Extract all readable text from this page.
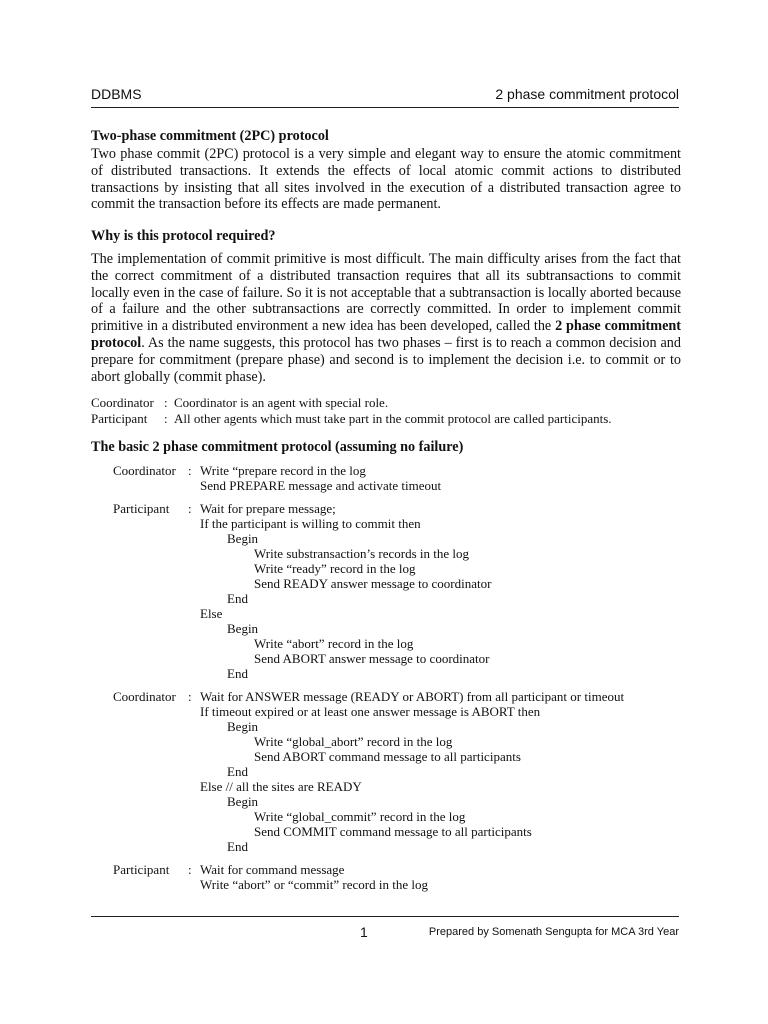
DDBMS	2 phase commitment protocol
Two-phase commitment (2PC) protocol
Two phase commit (2PC) protocol is a very simple and elegant way to ensure the atomic commitment of distributed transactions. It extends the effects of local atomic commit actions to distributed transactions by insisting that all sites involved in the execution of a distributed transaction agree to commit the transaction before its effects are made permanent.
Why is this protocol required?
The implementation of commit primitive is most difficult. The main difficulty arises from the fact that the correct commitment of a distributed transaction requires that all its subtransactions to commit locally even in the case of failure. So it is not acceptable that a subtransaction is locally aborted because of a failure and the other subtransactions are correctly committed. In order to implement commit primitive in a distributed environment a new idea has been developed, called the 2 phase commitment protocol. As the name suggests, this protocol has two phases – first is to reach a common decision and prepare for commitment (prepare phase) and second is to implement the decision i.e. to commit or to abort globally (commit phase).
Coordinator : Coordinator is an agent with special role.
Participant : All other agents which must take part in the commit protocol are called participants.
The basic 2 phase commitment protocol (assuming no failure)
Coordinator : Write “prepare record in the log
Send PREPARE message and activate timeout
Participant : Wait for prepare message;
If the participant is willing to commit then
Begin
Write substransaction’s records in the log
Write “ready” record in the log
Send READY answer message to coordinator
End
Else
Begin
Write “abort” record in the log
Send ABORT answer message to coordinator
End
Coordinator : Wait for ANSWER message (READY or ABORT) from all participant or timeout
If timeout expired or at least one answer message is ABORT then
Begin
Write “global_abort” record in the log
Send ABORT command message to all participants
End
Else // all the sites are READY
Begin
Write “global_commit” record in the log
Send COMMIT command message to all participants
End
Participant : Wait for command message
Write “abort” or “commit” record in the log
1	Prepared by Somenath Sengupta for MCA 3rd Year
